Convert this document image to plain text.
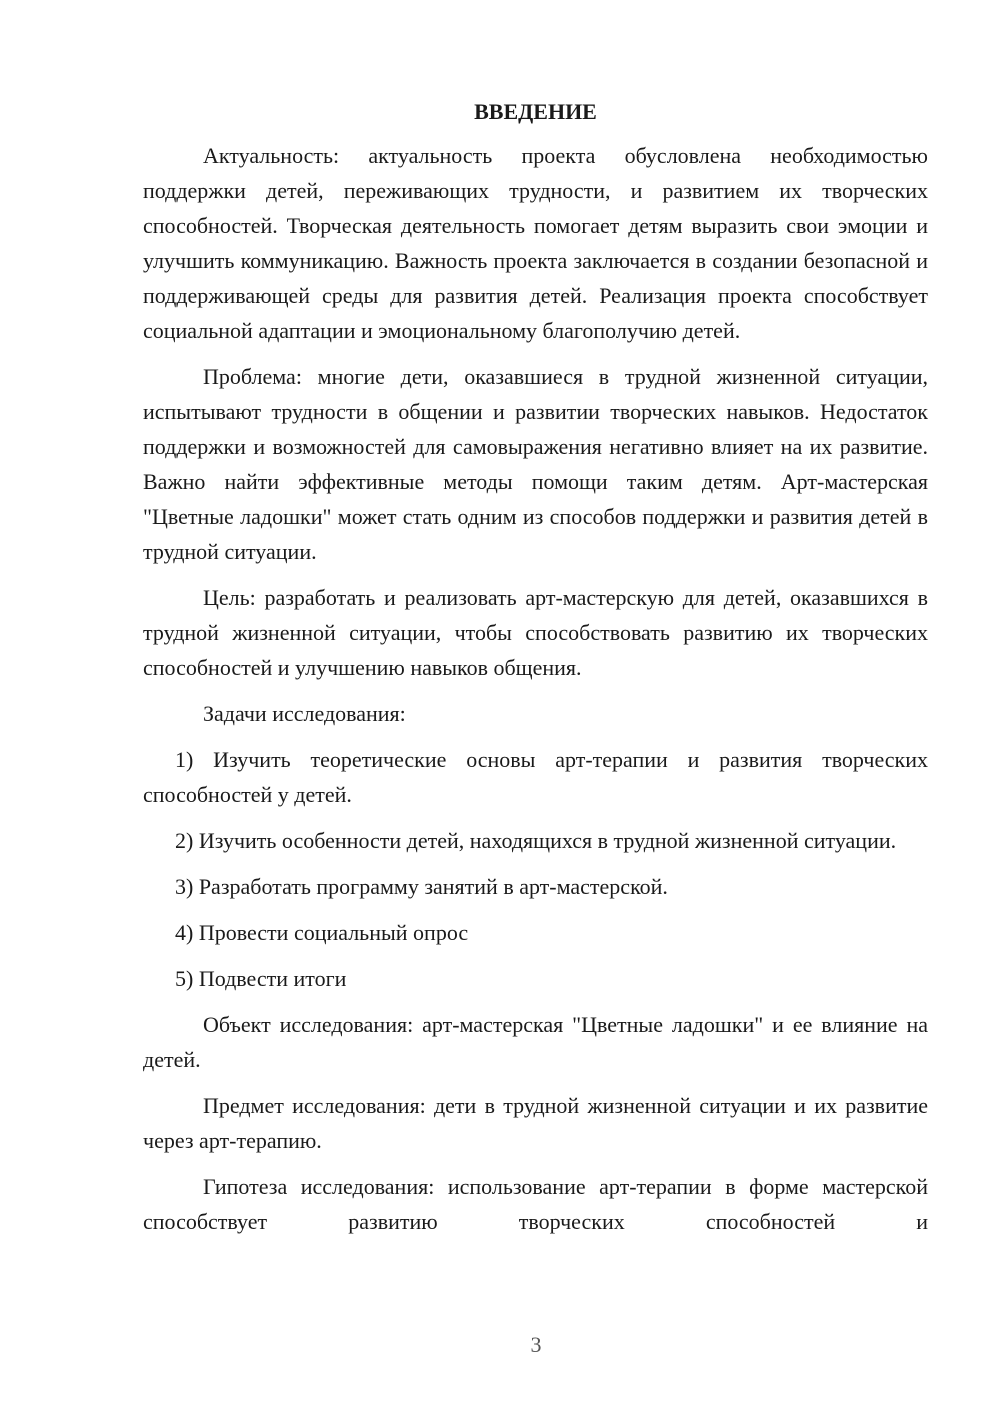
ВВЕДЕНИЕ

Актуальность: актуальность проекта обусловлена необходимостью поддержки детей, переживающих трудности, и развитием их творческих способностей. Творческая деятельность помогает детям выразить свои эмоции и улучшить коммуникацию. Важность проекта заключается в создании безопасной и поддерживающей среды для развития детей. Реализация проекта способствует социальной адаптации и эмоциональному благополучию детей.

Проблема: многие дети, оказавшиеся в трудной жизненной ситуации, испытывают трудности в общении и развитии творческих навыков. Недостаток поддержки и возможностей для самовыражения негативно влияет на их развитие. Важно найти эффективные методы помощи таким детям. Арт-мастерская "Цветные ладошки" может стать одним из способов поддержки и развития детей в трудной ситуации.

Цель: разработать и реализовать арт-мастерскую для детей, оказавшихся в трудной жизненной ситуации, чтобы способствовать развитию их творческих способностей и улучшению навыков общения.

Задачи исследования:

1) Изучить теоретические основы арт-терапии и развития творческих способностей у детей.

2) Изучить особенности детей, находящихся в трудной жизненной ситуации.

3) Разработать программу занятий в арт-мастерской.

4) Провести социальный опрос

5) Подвести итоги

Объект исследования: арт-мастерская "Цветные ладошки" и ее влияние на детей.

Предмет исследования: дети в трудной жизненной ситуации и их развитие через арт-терапию.

Гипотеза исследования: использование арт-терапии в форме мастерской способствует развитию творческих способностей и

3
